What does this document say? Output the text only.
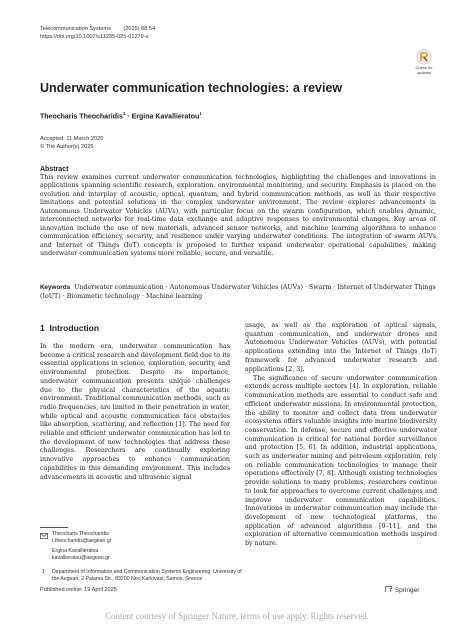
Telecommunication Systems (2025) 88:54
https://doi.org/10.1007/s11235-025-01279-x
Check for
updates
Underwater communication technologies: a review
Theocharis Theocharidis$^1$ · Ergina Kavallieratou$^1$
Accepted: 11 March 2025
© The Author(s) 2025
Abstract
This review examines current underwater communication technologies, highlighting the challenges and innovations in applications spanning scientific research, exploration, environmental monitoring, and security. Emphasis is placed on the evolution and interplay of acoustic, optical, quantum, and hybrid communication methods, as well as their respective limitations and potential solutions in the complex underwater environment. The review explores advancements in Autonomous Underwater Vehicles (AUVs), with particular focus on the swarm configuration, which enables dynamic, interconnected networks for real-time data exchange and adaptive responses to environmental changes. Key areas of innovation include the use of new materials, advanced sensor networks, and machine learning algorithms to enhance communication efficiency, security, and resilience under varying underwater conditions. The integration of swarm AUVs and Internet of Things (IoT) concepts is proposed to further expand underwater operational capabilities, making underwater communication systems more reliable, secure, and versatile.
Keywords Underwater communication · Autonomous Underwater Vehicles (AUVs) · Swarm · Internet of Underwater Things (IoUT) · Biomimetic technology · Machine learning
1 Introduction
In the modern era, underwater communication has become a critical research and development field due to its essential applications in science, exploration, security, and environmental protection. Despite its importance, underwater communication presents unique challenges due to the physical characteristics of the aquatic environment. Traditional communication methods, such as radio frequencies, are limited in their penetration in water, while optical and acoustic communication face obstacles like absorption, scattering, and reflection [1]. The need for reliable and efficient underwater communication has led to the development of new technologies that address these challenges. Researchers are continually exploring innovative approaches to enhance communication capabilities in this demanding environment. This includes advancements in acoustic and ultrasonic signal
usage, as well as the exploration of optical signals, quantum communication, and underwater drones and Autonomous Underwater Vehicles (AUVs), with potential applications extending into the Internet of Things (IoT) framework for advanced underwater research and applications [2, 3].
The significance of secure underwater communication extends across multiple sectors [4]. In exploration, reliable communication methods are essential to conduct safe and efficient underwater missions. In environmental protection, the ability to monitor and collect data from underwater ecosystems offers valuable insights into marine biodiversity conservation. In defense, secure and effective underwater communication is critical for national border surveillance and protection [5, 6]. In addition, industrial applications, such as underwater mining and petroleum exploration, rely on reliable communication technologies to manage their operations effectively [7, 8]. Although existing technologies provide solutions to many problems, researchers continue to look for approaches to overcome current challenges and improve underwater communication capabilities. Innovations in underwater communication may include the development of new technological platforms, the application of advanced algorithms [9–11], and the exploration of alternative communication methods inspired by nature.
Theocharis Theocharidis
t.theocharidis@aegean.gr
Ergina Kavallieratou
kavallieratou@aegean.gr
1 Department of Information and Communication Systems Engineering, University of the Aegean, 2 Palama Str., 83200 Neo Karlovasi, Samos, Greece
Published online: 19 April 2025	Springer
Content courtesy of Springer Nature, terms of use apply. Rights reserved.
